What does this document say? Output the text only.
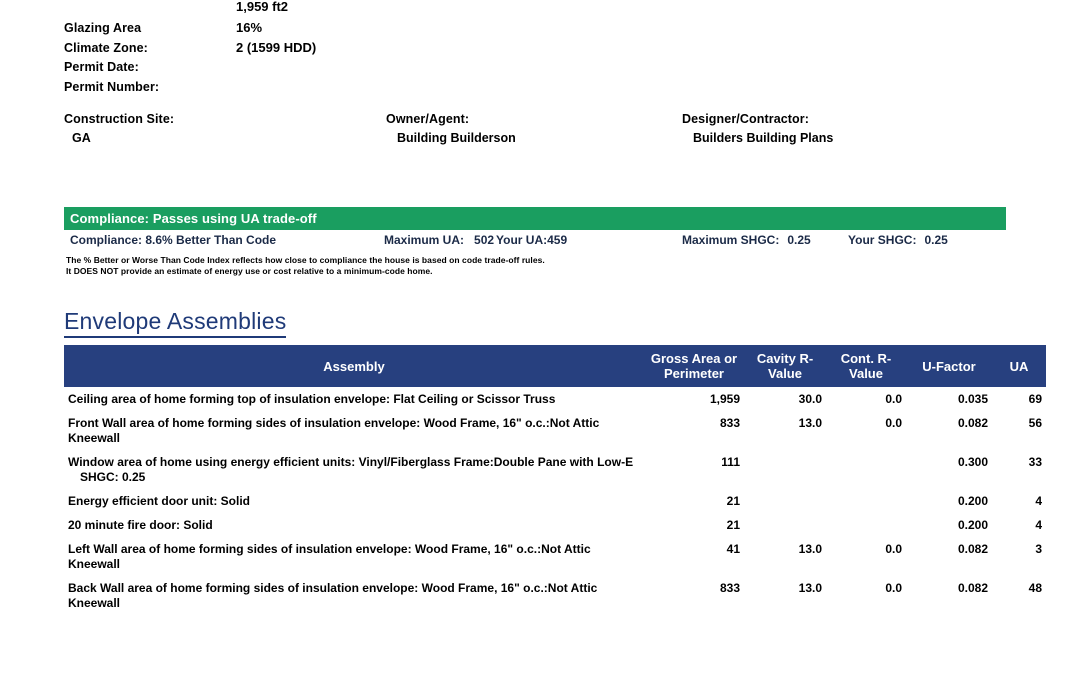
1,959 ft2
Glazing Area	16%
Climate Zone:	2 (1599 HDD)
Permit Date:
Permit Number:
Construction Site:
GA
Owner/Agent:
Building Builderson
Designer/Contractor:
Builders Building Plans
Compliance: Passes using UA trade-off
Compliance: 8.6% Better Than Code	Maximum UA: 502 Your UA:459	Maximum SHGC: 0.25	Your SHGC: 0.25
The % Better or Worse Than Code Index reflects how close to compliance the house is based on code trade-off rules.
It DOES NOT provide an estimate of energy use or cost relative to a minimum-code home.
Envelope Assemblies
Assembly	Gross Area or Perimeter	Cavity R-Value	Cont. R-Value	U-Factor	UA
Ceiling area of home forming top of insulation envelope: Flat Ceiling or Scissor Truss	1,959	30.0	0.0	0.035	69
Front Wall area of home forming sides of insulation envelope: Wood Frame, 16" o.c.:Not Attic Kneewall	833	13.0	0.0	0.082	56
Window area of home using energy efficient units: Vinyl/Fiberglass Frame:Double Pane with Low-E
SHGC: 0.25	111			0.300	33
Energy efficient door unit: Solid	21			0.200	4
20 minute fire door: Solid	21			0.200	4
Left Wall area of home forming sides of insulation envelope: Wood Frame, 16" o.c.:Not Attic Kneewall	41	13.0	0.0	0.082	3
Back Wall area of home forming sides of insulation envelope: Wood Frame, 16" o.c.:Not Attic Kneewall	833	13.0	0.0	0.082	48
